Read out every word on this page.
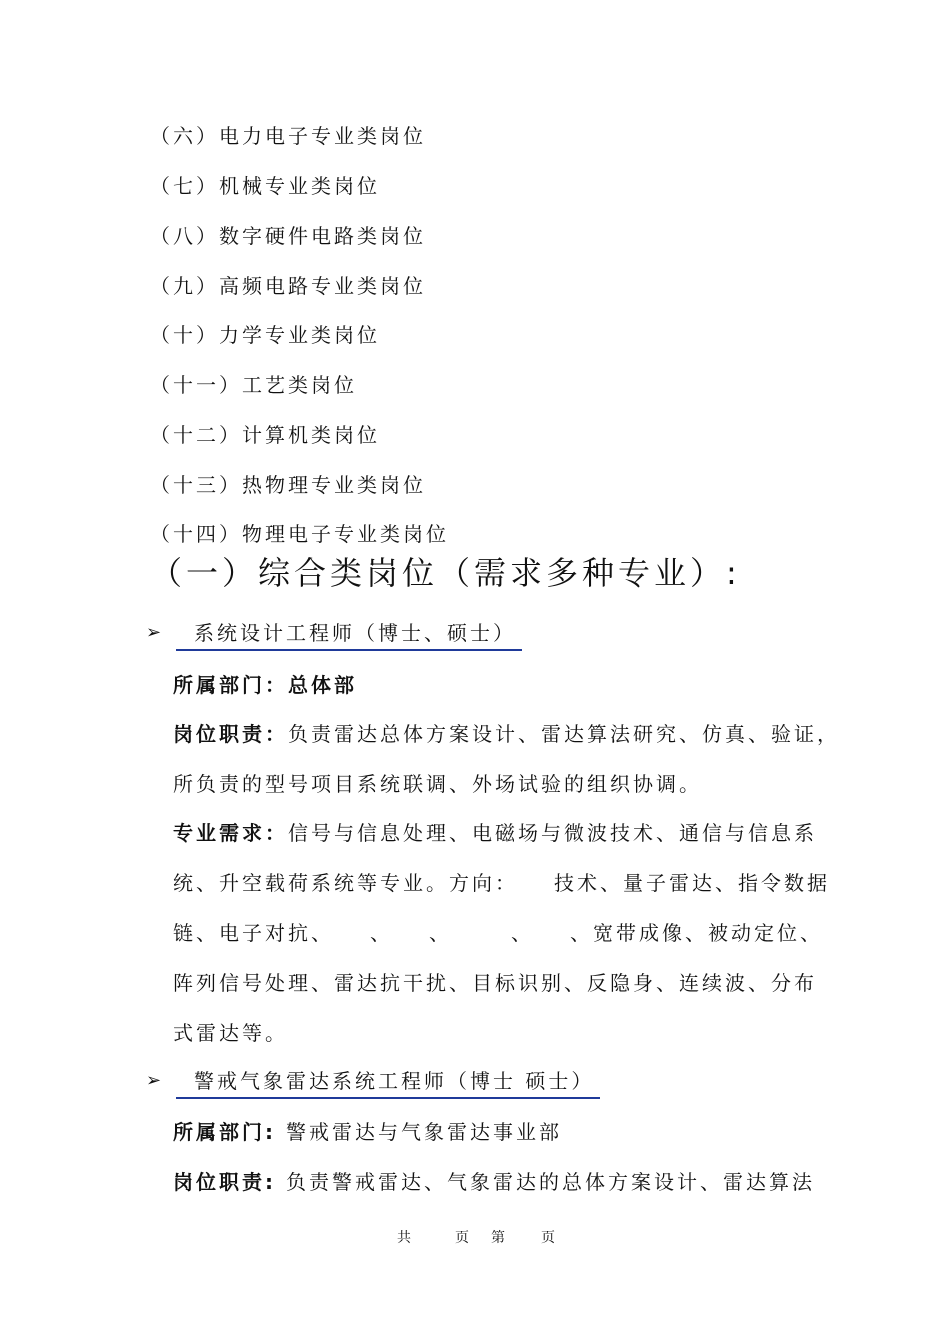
（六）电力电子专业类岗位
（七）机械专业类岗位
（八）数字硬件电路类岗位
（九）高频电路专业类岗位
（十）力学专业类岗位
（十一）工艺类岗位
（十二）计算机类岗位
（十三）热物理专业类岗位
（十四）物理电子专业类岗位
（一）综合类岗位（需求多种专业）:
➢	系统设计工程师（博士、硕士）
所属部门：总体部
岗位职责：负责雷达总体方案设计、雷达算法研究、仿真、验证，
所负责的型号项目系统联调、外场试验的组织协调。
专业需求：信号与信息处理、电磁场与微波技术、通信与信息系
统、升空载荷系统等专业。方向：　　技术、量子雷达、指令数据
链、电子对抗、　　、　　、　　　、　　、宽带成像、被动定位、
阵列信号处理、雷达抗干扰、目标识别、反隐身、连续波、分布
式雷达等。
➢	警戒气象雷达系统工程师（博士 硕士）
所属部门: 警戒雷达与气象雷达事业部
岗位职责: 负责警戒雷达、气象雷达的总体方案设计、雷达算法
共	页 第	页
